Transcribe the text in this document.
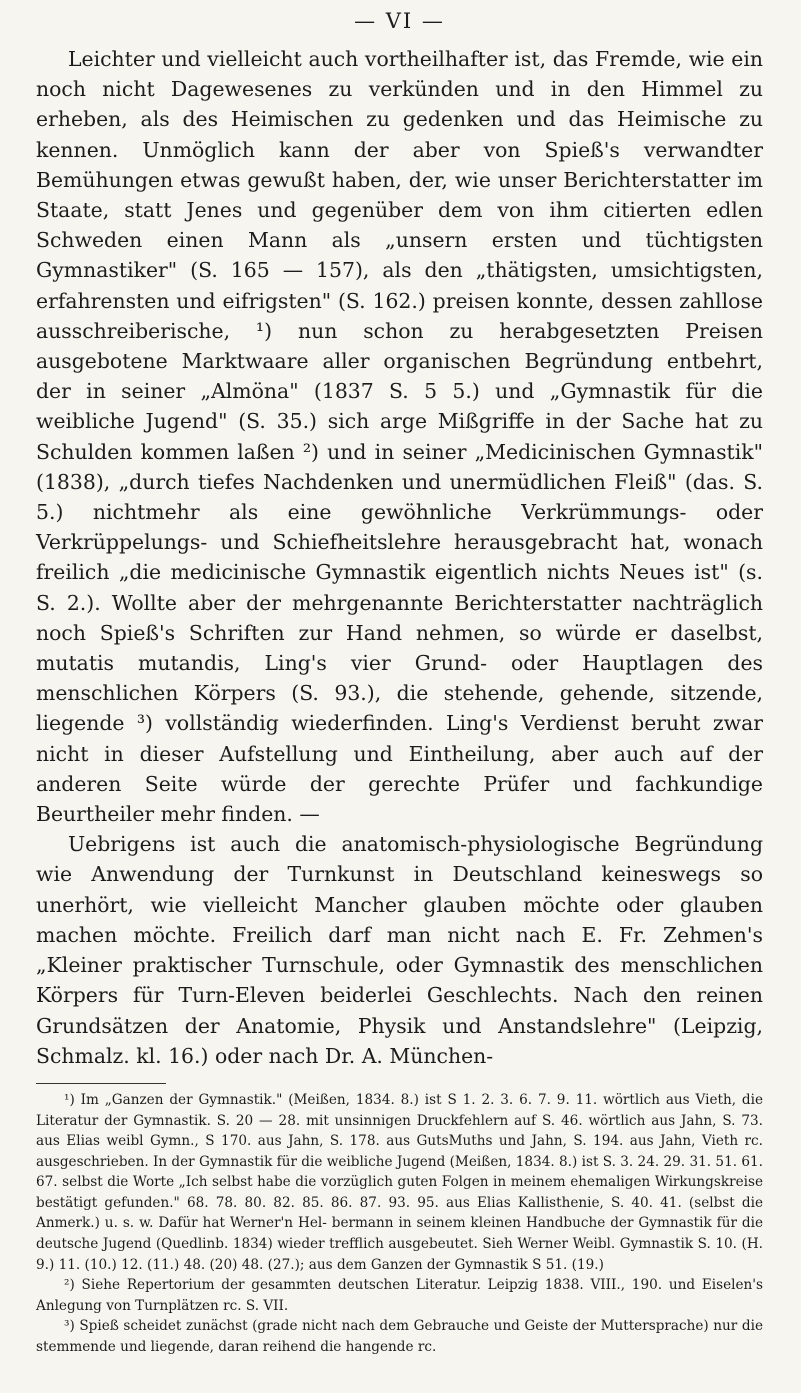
— VI —

Leichter und vielleicht auch vortheilhafter ist, das Fremde, wie ein noch nicht Dagewesenes zu verkünden und in den Himmel zu erheben, als des Heimischen zu gedenken und das Heimische zu kennen. Unmöglich kann der aber von Spieß's verwandter Bemühungen etwas gewußt haben, der, wie unser Berichterstatter im Staate, statt Jenes und gegenüber dem von ihm citierten edlen Schweden einen Mann als „unsern ersten und tüchtigsten Gymnastiker" (S. 165 — 157), als den „thätigsten, umsichtigsten, erfahrensten und eifrigsten" (S. 162.) preisen konnte, dessen zahllose ausschreiberische, ¹) nun schon zu herabgesetzten Preisen ausgebotene Marktwaare aller organischen Begründung entbehrt, der in seiner „Almöna" (1837 S. 5 5.) und „Gymnastik für die weibliche Jugend" (S. 35.) sich arge Mißgriffe in der Sache hat zu Schulden kommen laßen ²) und in seiner „Medicinischen Gymnastik" (1838), „durch tiefes Nachdenken und unermüdlichen Fleiß" (das. S. 5.) nichtmehr als eine gewöhnliche Verkrümmungs- oder Verkrüppelungs- und Schiefheitslehre herausgebracht hat, wonach freilich „die medicinische Gymnastik eigentlich nichts Neues ist" (s. S. 2.). Wollte aber der mehrgenannte Berichterstatter nachträglich noch Spieß's Schriften zur Hand nehmen, so würde er daselbst, mutatis mutandis, Ling's vier Grund- oder Hauptlagen des menschlichen Körpers (S. 93.), die stehende, gehende, sitzende, liegende ³) vollständig wiederfinden. Ling's Verdienst beruht zwar nicht in dieser Aufstellung und Eintheilung, aber auch auf der anderen Seite würde der gerechte Prüfer und fachkundige Beurtheiler mehr finden. —

Uebrigens ist auch die anatomisch-physiologische Begründung wie Anwendung der Turnkunst in Deutschland keineswegs so unerhört, wie vielleicht Mancher glauben möchte oder glauben machen möchte. Freilich darf man nicht nach E. Fr. Zehmen's „Kleiner praktischer Turnschule, oder Gymnastik des menschlichen Körpers für Turn-Eleven beiderlei Geschlechts. Nach den reinen Grundsätzen der Anatomie, Physik und Anstandslehre" (Leipzig, Schmalz. kl. 16.) oder nach Dr. A. München-

¹) Im „Ganzen der Gymnastik." (Meißen, 1834. 8.) ist S 1. 2. 3. 6. 7. 9. 11. wörtlich aus Vieth, die Literatur der Gymnastik. S. 20 — 28. mit unsinnigen Druckfehlern auf S. 46. wörtlich aus Jahn, S. 73. aus Elias weibl Gymn., S 170. aus Jahn, S. 178. aus GutsMuths und Jahn, S. 194. aus Jahn, Vieth rc. ausgeschrieben. In der Gymnastik für die weibliche Jugend (Meißen, 1834. 8.) ist S. 3. 24. 29. 31. 51. 61. 67. selbst die Worte „Ich selbst habe die vorzüglich guten Folgen in meinem ehemaligen Wirkungskreise bestätigt gefunden." 68. 78. 80. 82. 85. 86. 87. 93. 95. aus Elias Kallisthenie, S. 40. 41. (selbst die Anmerk.) u. s. w. Dafür hat Werner'n Hel- bermann in seinem kleinen Handbuche der Gymnastik für die deutsche Jugend (Quedlinb. 1834) wieder trefflich ausgebeutet. Sieh Werner Weibl. Gymnastik S. 10. (H. 9.) 11. (10.) 12. (11.) 48. (20) 48. (27.); aus dem Ganzen der Gymnastik S 51. (19.)

²) Siehe Repertorium der gesammten deutschen Literatur. Leipzig 1838. VIII., 190. und Eiselen's Anlegung von Turnplätzen rc. S. VII.

³) Spieß scheidet zunächst (grade nicht nach dem Gebrauche und Geiste der Muttersprache) nur die stemmende und liegende, daran reihend die hangende rc.
